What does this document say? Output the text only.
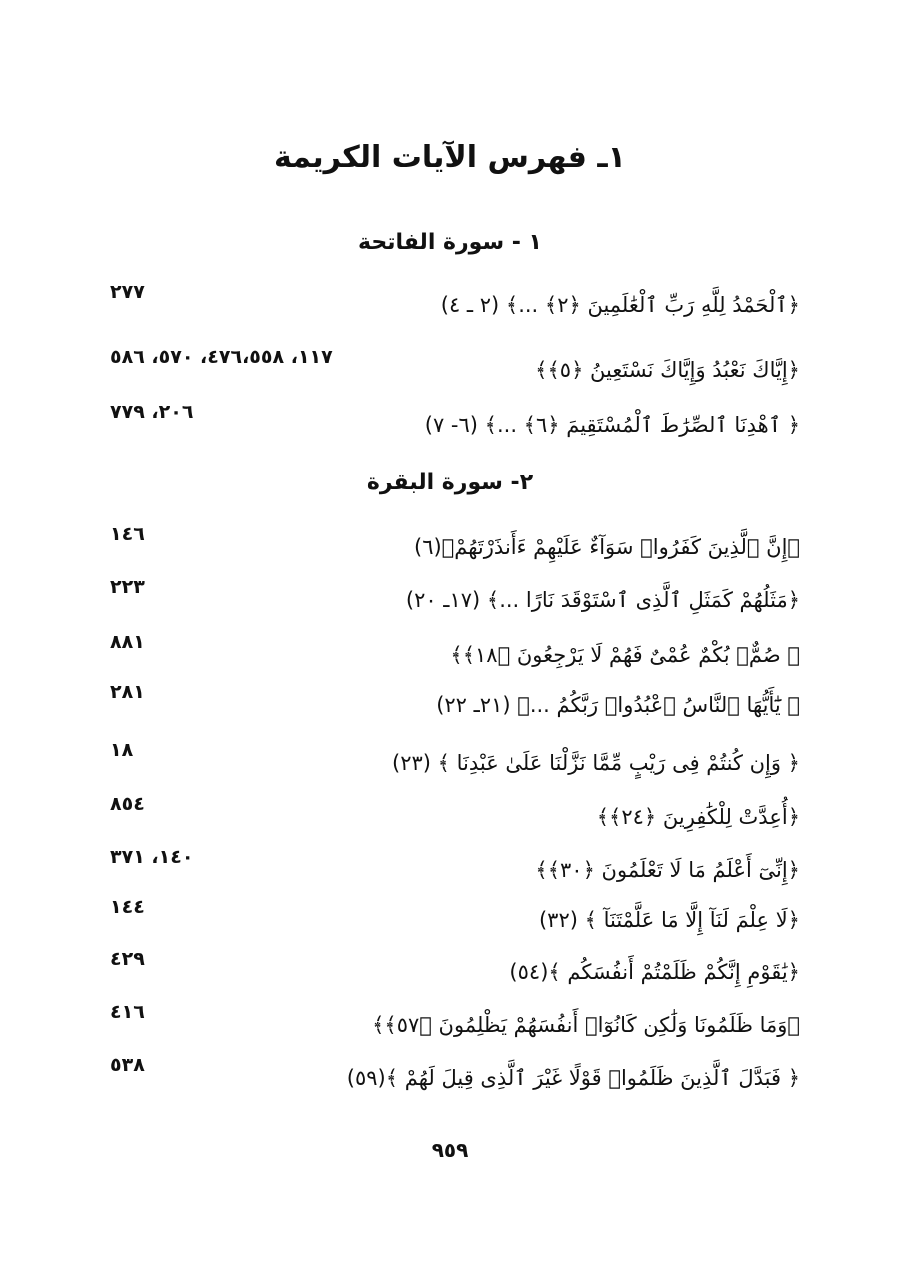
١ـ فهرس الآيات الكريمة
١ - سورة الفاتحة
﴿ٱلْحَمْدُ لِلَّهِ رَبِّ ٱلْعَٰلَمِينَ ﴿٢﴾ ...﴾ (٢ ـ ٤)
٢٧٧
﴿إِيَّاكَ نَعْبُدُ وَإِيَّاكَ نَسْتَعِينُ ﴿٥﴾﴾
١١٧، ٤٧٦،٥٥٨، ٥٧٠، ٥٨٦
﴿ ٱهْدِنَا ٱلصِّرَٰطَ ٱلْمُسْتَقِيمَ ﴿٦﴾ ...﴾ (٦- ٧)
٢٠٦، ٧٧٩
٢- سورة البقرة
﴿إِنَّ ٱلَّذِينَ كَفَرُوا۟ سَوَآءٌ عَلَيْهِمْ ءَأَنذَرْتَهُمْ﴾(٦)
١٤٦
﴿مَثَلُهُمْ كَمَثَلِ ٱلَّذِى ٱسْتَوْقَدَ نَارًا ...﴾ (١٧ـ ٢٠)
٢٢٣
﴿ صُمٌّۢ بُكْمٌ عُمْىٌ فَهُمْ لَا يَرْجِعُونَ ﴿١٨﴾﴾
٨٨١
﴿ يَٰٓأَيُّهَا ٱلنَّاسُ ٱعْبُدُوا۟ رَبَّكُمُ ...﴾ (٢١ـ ٢٢)
٢٨١
﴿ وَإِن كُنتُمْ فِى رَيْبٍ مِّمَّا نَزَّلْنَا عَلَىٰ عَبْدِنَا ﴾ (٢٣)
١٨
﴿أُعِدَّتْ لِلْكَٰفِرِينَ ﴿٢٤﴾﴾
٨٥٤
﴿إِنِّىٓ أَعْلَمُ مَا لَا تَعْلَمُونَ ﴿٣٠﴾﴾
١٤٠، ٣٧١
﴿لَا عِلْمَ لَنَآ إِلَّا مَا عَلَّمْتَنَآ ﴾ (٣٢)
١٤٤
﴿يَٰقَوْمِ إِنَّكُمْ ظَلَمْتُمْ أَنفُسَكُم ﴾(٥٤)
٤٢٩
﴿وَمَا ظَلَمُونَا وَلَٰكِن كَانُوٓا۟ أَنفُسَهُمْ يَظْلِمُونَ ﴿٥٧﴾﴾
٤١٦
﴿ فَبَدَّلَ ٱلَّذِينَ ظَلَمُوا۟ قَوْلًا غَيْرَ ٱلَّذِى قِيلَ لَهُمْ ﴾(٥٩)
٥٣٨
٩٥٩
